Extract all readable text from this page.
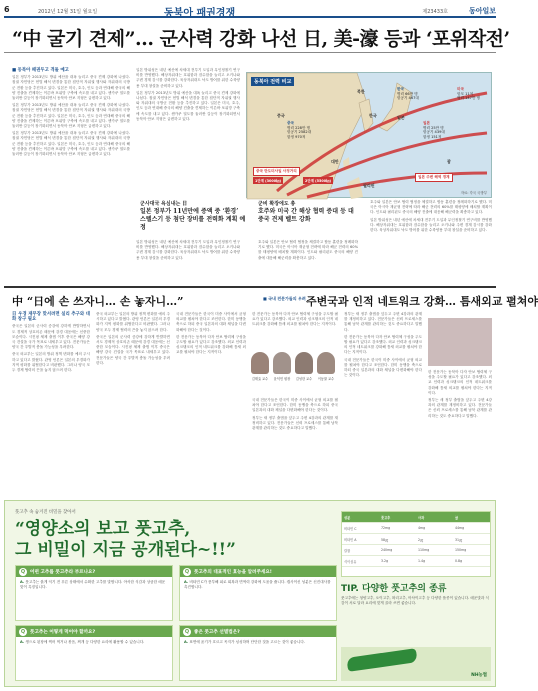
6	2012년 12월 31일 월요일	동북아 패권경쟁	제23433호	동아일보
“中 굴기 견제”… 군사력 강화 나선 日, 美-濠 등과 ‘포위작전’
■ 동북아 패권두고 격돌 예고

일본 정부가 2013년도 방위 예산을 대폭 늘리고 중국 견제 강화에 나섰다. 집권 자민당은 헌법 해석 변경을 통한 집단적 자위권 행사와 자위대의 국방군 전환 등을 추진하고 있다. 일본은 미국, 호주, 인도 등과 연대해 중국의 해양 진출을 견제하는 이른바 포위망 구축에 속도를 내고 있다. 센카쿠 열도를 둘러싼 갈등이 장기화되면서 동북아 안보 지형은 급변하고 있다.

일본 정부가 2013년도 방위 예산을 대폭 늘리고 중국 견제 강화에 나섰다. 집권 자민당은 헌법 해석 변경을 통한 집단적 자위권 행사와 자위대의 국방군 전환 등을 추진하고 있다. 일본은 미국, 호주, 인도 등과 연대해 중국의 해양 진출을 견제하는 이른바 포위망 구축에 속도를 내고 있다. 센카쿠 열도를 둘러싼 갈등이 장기화되면서 동북아 안보 지형은 급변하고 있다.

일본 정부가 2013년도 방위 예산을 대폭 늘리고 중국 견제 강화에 나섰다. 집권 자민당은 헌법 해석 변경을 통한 집단적 자위권 행사와 자위대의 국방군 전환 등을 추진하고 있다. 일본은 미국, 호주, 인도 등과 연대해 중국의 해양 진출을 견제하는 이른바 포위망 구축에 속도를 내고 있다. 센카쿠 열도를 둘러싼 갈등이 장기화되면서 동북아 안보 지형은 급변하고 있다.

일본 방위성은 내년 예산에 차세대 전투기 도입과 무인정찰기 연구비를 반영했다. 해상자위대는 호위함과 잠수함을 늘리고 오키나와 주변 경계 감시를 강화한다. 육상자위대도 낙도 방어를 위한 수륙양용 부대 창설을 준비하고 있다.

일본 정부가 2013년도 방위 예산을 대폭 늘리고 중국 견제 강화에 나섰다. 집권 자민당은 헌법 해석 변경을 통한 집단적 자위권 행사와 자위대의 국방군 전환 등을 추진하고 있다. 일본은 미국, 호주, 인도 등과 연대해 중국의 해양 진출을 견제하는 이른바 포위망 구축에 속도를 내고 있다. 센카쿠 열도를 둘러싼 갈등이 장기화되면서 동북아 안보 지형은 급변하고 있다.

군사대국 욕심내는 日
일본 정부가 11년만에 증액 중 ‘환경’ 스텔스기 등 첨단 장비를 전력화 계획 예정
군비 확장에도 총
호주와 미국 간 해상 협력 증대 등 대 중국 견제 벨트 강화

일본 방위성은 내년 예산에 차세대 전투기 도입과 무인정찰기 연구비를 반영했다. 해상자위대는 호위함과 잠수함을 늘리고 오키나와 주변 경계 감시를 강화한다. 육상자위대도 낙도 방어를 위한 수륙양용 부대 창설을 준비하고 있다.

호주와 일본은 안보 협력 협정을 체결하고 합동 훈련을 정례화하기로 했다. 미국은 아시아 재균형 전략에 따라 해군 전력의 60%를 태평양에 배치할 계획이다. 인도와 필리핀도 중국의 해양 진출에 대응해 해군력을 확충하고 있다.

동북아 전력 비교
중국	일본
한국
북한
대만
필리핀
괌
중국
병력 228만 명
항공기 2582대
함정 970척
일본
병력 25만 명
항공기 439대
함정 151척
한국
병력 66만 명
항공기 467대
미국
항모 11척
병력 147만 명
중국 탄도미사일 사정거리
일본 주변 해역 경계
1단계 (3000㎞)	2단계 (5500㎞)
자료: 각국 국방부

호주와 일본은 안보 협력 협정을 체결하고 합동 훈련을 정례화하기로 했다. 미국은 아시아 재균형 전략에 따라 해군 전력의 60%를 태평양에 배치할 계획이다. 인도와 필리핀도 중국의 해양 진출에 대응해 해군력을 확충하고 있다.

일본 방위성은 내년 예산에 차세대 전투기 도입과 무인정찰기 연구비를 반영했다. 해상자위대는 호위함과 잠수함을 늘리고 오키나와 주변 경계 감시를 강화한다. 육상자위대도 낙도 방어를 위한 수륙양용 부대 창설을 준비하고 있다.

中 “日에 손 쓰자니… 손 놓자니…”	■ 국내 전문가들의 우려 주변국과 인적 네트워크 강화… 틈새외교 펼쳐야
日 우경 재무장 맞서려면 실리 추구와 대화 창구 필요

중국은 일본의 군사력 증강에 강하게 반발하면서도 경제적 상호의존 때문에 강경 대응에는 신중한 모습이다. 시진핑 체제 출범 이후 중국은 해양 강국 건설을 국가 목표로 내세우고 있다. 전문가들은 양국 간 우발적 충돌 가능성을 우려한다.

중국 외교부는 일본의 방위 정책 변화를 예의 주시하고 있다고 밝혔다. 관영 언론은 일본의 우경화가 지역 평화를 위협한다고 비판했다. 그러나 양국 모두 경제 협력의 끈을 놓지 않으려 한다.

중국 외교부는 일본의 방위 정책 변화를 예의 주시하고 있다고 밝혔다. 관영 언론은 일본의 우경화가 지역 평화를 위협한다고 비판했다. 그러나 양국 모두 경제 협력의 끈을 놓지 않으려 한다.

중국은 일본의 군사력 증강에 강하게 반발하면서도 경제적 상호의존 때문에 강경 대응에는 신중한 모습이다. 시진핑 체제 출범 이후 중국은 해양 강국 건설을 국가 목표로 내세우고 있다. 전문가들은 양국 간 우발적 충돌 가능성을 우려한다.

국내 전문가들은 한국이 미중 사이에서 균형 외교를 펼쳐야 한다고 조언한다. 한미 동맹을 축으로 하되 중국 일본과의 대화 채널을 다변화해야 한다는 것이다.

한 전문가는 동북아 다자 안보 협력체 구성을 주도할 필요가 있다고 강조했다. 외교 인력과 싱크탱크의 인적 네트워크를 강화해 틈새 외교를 펼쳐야 한다는 지적이다.

한 전문가는 동북아 다자 안보 협력체 구성을 주도할 필요가 있다고 강조했다. 외교 인력과 싱크탱크의 인적 네트워크를 강화해 틈새 외교를 펼쳐야 한다는 지적이다.

김태효 교수 윤덕민 원장 김성한 교수 이동률 교수

국내 전문가들은 한국이 미중 사이에서 균형 외교를 펼쳐야 한다고 조언한다. 한미 동맹을 축으로 하되 중국 일본과의 대화 채널을 다변화해야 한다는 것이다.

정부는 새 정부 출범을 앞두고 주변 4강과의 관계를 재정비하고 있다. 전문가들은 신뢰 프로세스를 통해 남북 관계를 관리하는 것도 중요하다고 말했다.

정부는 새 정부 출범을 앞두고 주변 4강과의 관계를 재정비하고 있다. 전문가들은 신뢰 프로세스를 통해 남북 관계를 관리하는 것도 중요하다고 말했다.

한 전문가는 동북아 다자 안보 협력체 구성을 주도할 필요가 있다고 강조했다. 외교 인력과 싱크탱크의 인적 네트워크를 강화해 틈새 외교를 펼쳐야 한다는 지적이다.

국내 전문가들은 한국이 미중 사이에서 균형 외교를 펼쳐야 한다고 조언한다. 한미 동맹을 축으로 하되 중국 일본과의 대화 채널을 다변화해야 한다는 것이다.

한 전문가는 동북아 다자 안보 협력체 구성을 주도할 필요가 있다고 강조했다. 외교 인력과 싱크탱크의 인적 네트워크를 강화해 틈새 외교를 펼쳐야 한다는 지적이다.

정부는 새 정부 출범을 앞두고 주변 4강과의 관계를 재정비하고 있다. 전문가들은 신뢰 프로세스를 통해 남북 관계를 관리하는 것도 중요하다고 말했다.

풋고추 속 숨겨진 비밀을 찾아서
“영양소의 보고 풋고추,
그 비밀이 지금 공개된다~!!”
Q	어떤 고추를 풋고추라 부르나요?
A. 풋고추는 붉게 익기 전 푸른 상태에서 수확한 고추를 말합니다. 아삭한 식감과 상큼한 매운맛이 특징입니다.
Q	풋고추의 대표적인 효능을 알려주세요!
A. 비타민 C가 풍부해 피로 회복과 면역력 강화에 도움을 줍니다. 캡사이신 성분은 신진대사를 촉진합니다.
Q	풋고추는 어떻게 먹어야 할까요?
A. 생으로 된장에 찍어 먹거나 볶음, 찌개 등 다양한 요리에 활용할 수 있습니다.
Q	좋은 풋고추 선별법은?
A. 표면에 윤기가 흐르고 꼭지가 싱싱하며 단단한 것을 고르는 것이 좋습니다.
성분	풋고추	사과	귤
비타민 C	72mg	4mg	44mg
비타민 A	58㎍	2㎍	31㎍
칼륨	240mg	110mg	150mg
식이섬유	3.2g	1.4g	0.8g
TIP. 다양한 풋고추의 종류
풋고추에는 청양고추, 오이고추, 꽈리고추, 아삭이고추 등 다양한 품종이 있습니다. 매운맛과 식감이 서로 달라 요리에 맞게 골라 쓰면 좋습니다.
NH농협
